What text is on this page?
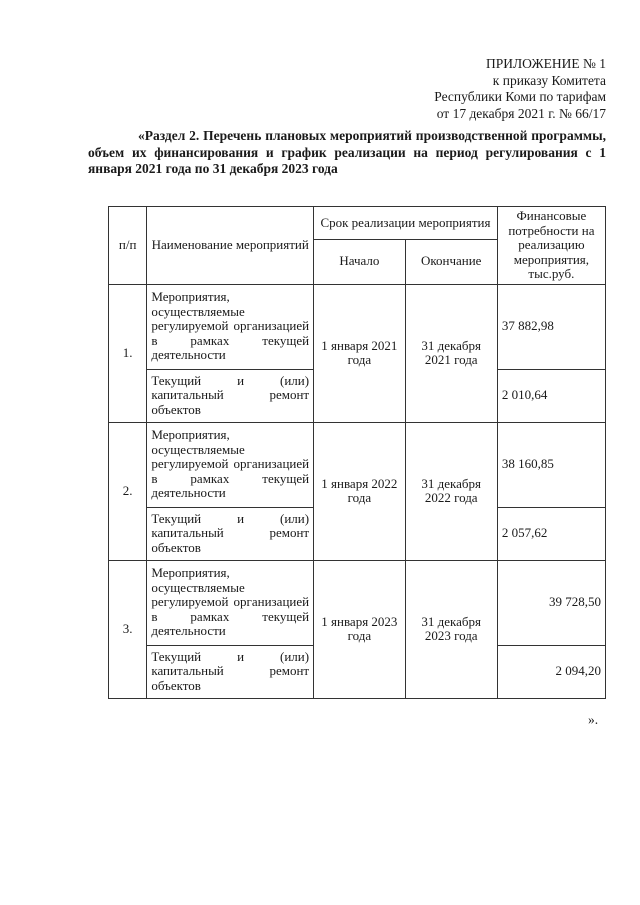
ПРИЛОЖЕНИЕ № 1
к приказу Комитета
Республики Коми по тарифам
от 17 декабря 2021 г. № 66/17
«Раздел 2. Перечень плановых мероприятий производственной программы, объем их финансирования и график реализации на период регулирования с 1 января 2021 года по 31 декабря 2023 года
п/п	Наименование мероприятий	Срок реализации мероприятия		Финансовые потребности на реализацию мероприятия, тыс.руб.
		Начало	Окончание	
1.	Мероприятия, осуществляемые регулируемой организацией в рамках текущей деятельности	1 января 2021 года	31 декабря 2021 года	37 882,98
	Текущий и (или) капитальный ремонт объектов			2 010,64
2.	Мероприятия, осуществляемые регулируемой организацией в рамках текущей деятельности	1 января 2022 года	31 декабря 2022 года	38 160,85
	Текущий и (или) капитальный ремонт объектов			2 057,62
3.	Мероприятия, осуществляемые регулируемой организацией в рамках текущей деятельности	1 января 2023 года	31 декабря 2023 года	39 728,50
	Текущий и (или) капитальный ремонт объектов			2 094,20
».
